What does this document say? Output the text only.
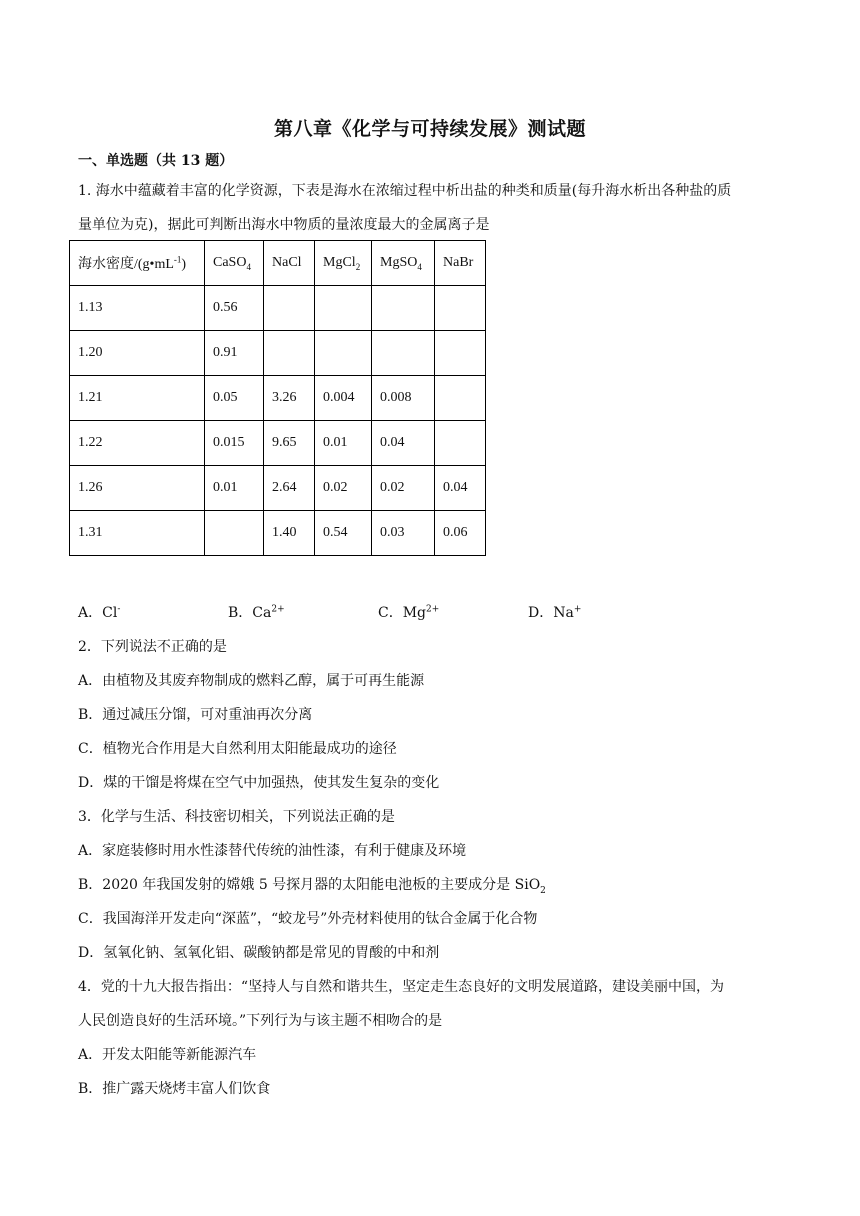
第八章《化学与可持续发展》测试题
一、单选题（共 13 题）
1. 海水中蕴藏着丰富的化学资源，下表是海水在浓缩过程中析出盐的种类和质量(每升海水析出各种盐的质
量单位为克)，据此可判断出海水中物质的量浓度最大的金属离子是
海水密度$/(g•mL^{-1})$	CaSO$_4$	NaCl	MgCl$_2$	MgSO$_4$	NaBr
1.13	0.56				
1.20	0.91				
1.21	0.05	3.26	0.004	0.008	
1.22	0.015	9.65	0.01	0.04	
1.26	0.01	2.64	0.02	0.02	0.04
1.31		1.40	0.54	0.03	0.06
A．Cl-	B．$Ca^{2+}$	C．$Mg^{2+}$	D．Na+
2．下列说法不正确的是
A．由植物及其废弃物制成的燃料乙醇，属于可再生能源
B．通过减压分馏，可对重油再次分离
C．植物光合作用是大自然利用太阳能最成功的途径
D．煤的干馏是将煤在空气中加强热，使其发生复杂的变化
3．化学与生活、科技密切相关，下列说法正确的是
A．家庭装修时用水性漆替代传统的油性漆，有利于健康及环境
B．2020 年我国发射的嫦娥 5 号探月器的太阳能电池板的主要成分是 SiO$_2$
C．我国海洋开发走向“深蓝”，“蛟龙号”外壳材料使用的钛合金属于化合物
D．氢氧化钠、氢氧化铝、碳酸钠都是常见的胃酸的中和剂
4．党的十九大报告指出：“坚持人与自然和谐共生，坚定走生态良好的文明发展道路，建设美丽中国，为
人民创造良好的生活环境。”下列行为与该主题不相吻合的是
A．开发太阳能等新能源汽车
B．推广露天烧烤丰富人们饮食
